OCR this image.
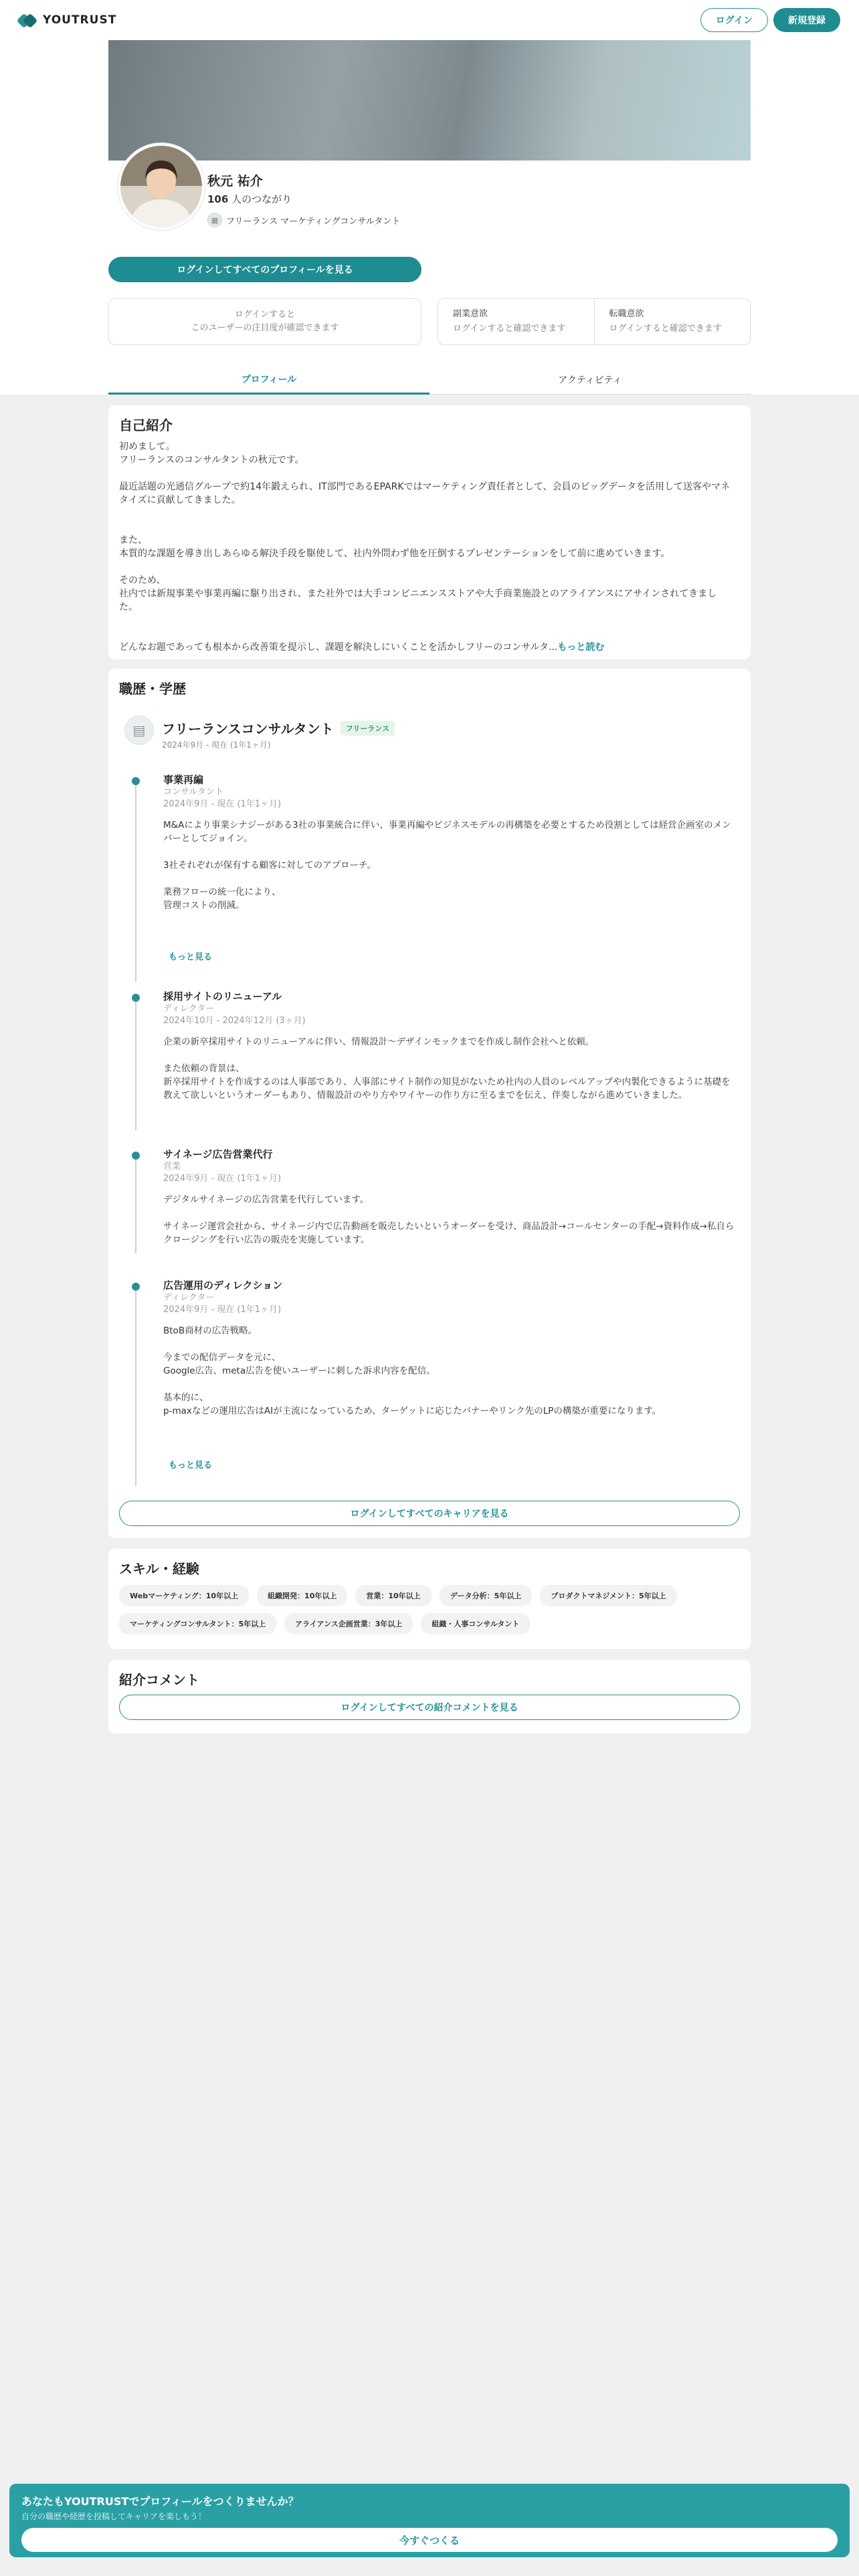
YOUTRUST	ログイン	新規登録
秋元 祐介
106 人のつながり
▦ フリーランス マーケティングコンサルタント
ログインしてすべてのプロフィールを見る
ログインすると
このユーザーの注目度が確認できます
副業意欲
ログインすると確認できます
転職意欲
ログインすると確認できます
プロフィール	アクティビティ
自己紹介

初めまして。

フリーランスのコンサルタントの秋元です。

最近話題の光通信グループで約14年鍛えられ、IT部門であるEPARKではマーケティング責任者として、会員のビッグデータを活用して送客やマネタイズに貢献してきました。

また、

本質的な課題を導き出しあらゆる解決手段を駆使して、社内外問わず他を圧倒するプレゼンテーションをして前に進めていきます。

そのため、

社内では新規事業や事業再編に駆り出され、また社外では大手コンビニエンスストアや大手商業施設とのアライアンスにアサインされてきました。

どんなお題であっても根本から改善策を提示し、課題を解決しにいくことを活かしフリーのコンサルタ...もっと読む

職歴・学歴
▤	フリーランスコンサルタント	フリーランス
2024年9月 - 現在 (1年1ヶ月)
事業再編
コンサルタント
2024年9月 - 現在 (1年1ヶ月)
M&Aにより事業シナジーがある3社の事業統合に伴い、事業再編やビジネスモデルの再構築を必要とするため役割としては経営企画室のメンバーとしてジョイン。
3社それぞれが保有する顧客に対してのアプローチ。
業務フローの統一化により、
管理コストの削減。
もっと見る
採用サイトのリニューアル
ディレクター
2024年10月 - 2024年12月 (3ヶ月)
企業の新卒採用サイトのリニューアルに伴い、情報設計〜デザインモックまでを作成し制作会社へと依頼。
また依頼の背景は、
新卒採用サイトを作成するのは人事部であり、人事部にサイト制作の知見がないため社内の人員のレベルアップや内製化できるように基礎を教えて欲しいというオーダーもあり、情報設計のやり方やワイヤーの作り方に至るまでを伝え、伴奏しながら進めていきました。
サイネージ広告営業代行
営業
2024年9月 - 現在 (1年1ヶ月)
デジタルサイネージの広告営業を代行しています。
サイネージ運営会社から、サイネージ内で広告動画を販売したいというオーダーを受け、商品設計→コールセンターの手配→資料作成→私自らクロージングを行い広告の販売を実施しています。
広告運用のディレクション
ディレクター
2024年9月 - 現在 (1年1ヶ月)
BtoB商材の広告戦略。
今までの配信データを元に、
Google広告、meta広告を使いユーザーに刺した訴求内容を配信。
基本的に、
p-maxなどの運用広告はAIが主流になっているため、ターゲットに応じたバナーやリンク先のLPの構築が重要になります。
もっと見る
ログインしてすべてのキャリアを見る
スキル・経験
Webマーケティング：10年以上	組織開発：10年以上	営業：10年以上	データ分析：5年以上	プロダクトマネジメント：5年以上
マーケティングコンサルタント：5年以上	アライアンス企画営業：3年以上	組織・人事コンサルタント
紹介コメント
ログインしてすべての紹介コメントを見る
あなたもYOUTRUSTでプロフィールをつくりませんか？
自分の職歴や経歴を投稿してキャリアを楽しもう！
今すぐつくる
